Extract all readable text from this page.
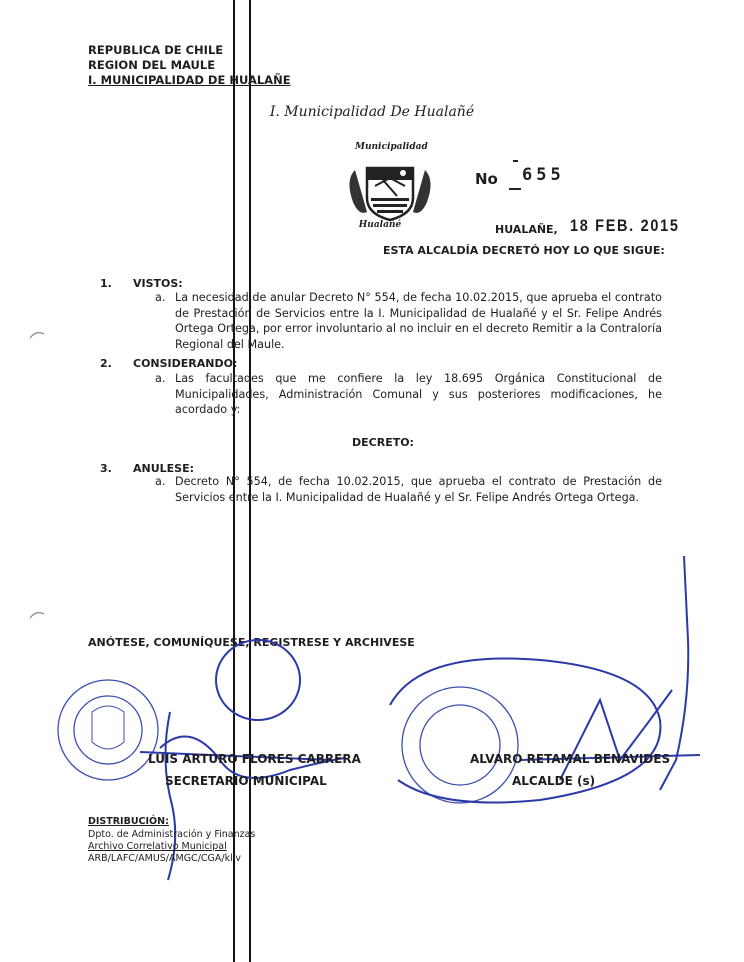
REPUBLICA DE CHILE
REGION DEL MAULE
I. MUNICIPALIDAD DE HUALAÑE
I. Municipalidad De Hualañé
Municipalidad
Hualañé
No 655
HUALAÑE, 18 FEB. 2015
ESTA ALCALDÍA DECRETÓ HOY LO QUE SIGUE:
1. VISTOS:
a. La necesidad de anular Decreto N° 554, de fecha 10.02.2015, que aprueba el contrato de Prestación de Servicios entre la I. Municipalidad de Hualañé y el Sr. Felipe Andrés Ortega Ortega, por error involuntario al no incluir en el decreto Remitir a la Contraloría Regional del Maule.
2. CONSIDERANDO:
a. Las facultades que me confiere la ley 18.695 Orgánica Constitucional de Municipalidades, Administración Comunal y sus posteriores modificaciones, he acordado y:
DECRETO:
3. ANULESE:
a. Decreto N° 554, de fecha 10.02.2015, que aprueba el contrato de Prestación de Servicios entre la I. Municipalidad de Hualañé y el Sr. Felipe Andrés Ortega Ortega.
ANÓTESE, COMUNÍQUESE, REGISTRESE Y ARCHIVESE
LUIS ARTURO FLORES CABRERA
SECRETARIO MUNICIPAL
ALVARO RETAMAL BENAVIDES
ALCALDE (s)
DISTRIBUCIÓN:
Dpto. de Administración y Finanzas
Archivo Correlativo Municipal
ARB/LAFC/AMUS/AMGC/CGA/kliv
